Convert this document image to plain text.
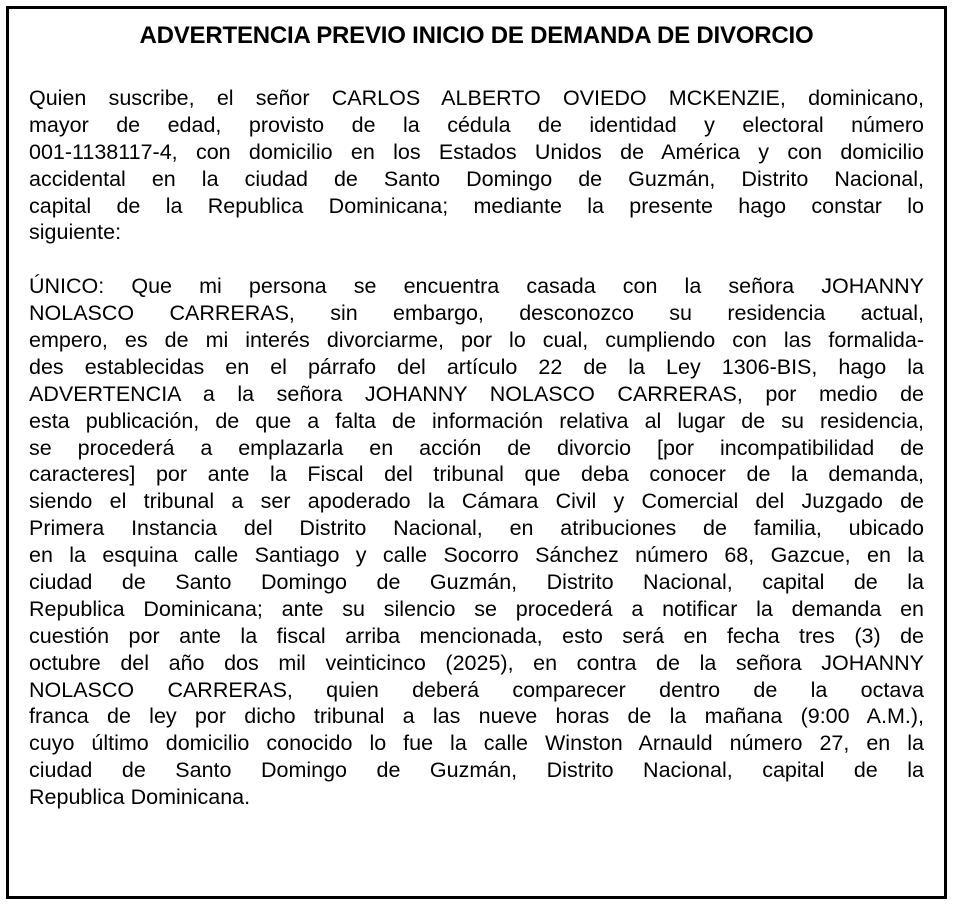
ADVERTENCIA PREVIO INICIO DE DEMANDA DE DIVORCIO
Quien suscribe, el señor CARLOS ALBERTO OVIEDO MCKENZIE, dominicano,
mayor de edad, provisto de la cédula de identidad y electoral número
001-1138117-4, con domicilio en los Estados Unidos de América y con domicilio
accidental en la ciudad de Santo Domingo de Guzmán, Distrito Nacional,
capital de la Republica Dominicana; mediante la presente hago constar lo
siguiente:
ÚNICO: Que mi persona se encuentra casada con la señora JOHANNY
NOLASCO CARRERAS, sin embargo, desconozco su residencia actual,
empero, es de mi interés divorciarme, por lo cual, cumpliendo con las formalida-
des establecidas en el párrafo del artículo 22 de la Ley 1306-BIS, hago la
ADVERTENCIA a la señora JOHANNY NOLASCO CARRERAS, por medio de
esta publicación, de que a falta de información relativa al lugar de su residencia,
se procederá a emplazarla en acción de divorcio [por incompatibilidad de
caracteres] por ante la Fiscal del tribunal que deba conocer de la demanda,
siendo el tribunal a ser apoderado la Cámara Civil y Comercial del Juzgado de
Primera Instancia del Distrito Nacional, en atribuciones de familia, ubicado
en la esquina calle Santiago y calle Socorro Sánchez número 68, Gazcue, en la
ciudad de Santo Domingo de Guzmán, Distrito Nacional, capital de la
Republica Dominicana; ante su silencio se procederá a notificar la demanda en
cuestión por ante la fiscal arriba mencionada, esto será en fecha tres (3) de
octubre del año dos mil veinticinco (2025), en contra de la señora JOHANNY
NOLASCO CARRERAS, quien deberá comparecer dentro de la octava
franca de ley por dicho tribunal a las nueve horas de la mañana (9:00 A.M.),
cuyo último domicilio conocido lo fue la calle Winston Arnauld número 27, en la
ciudad de Santo Domingo de Guzmán, Distrito Nacional, capital de la
Republica Dominicana.
